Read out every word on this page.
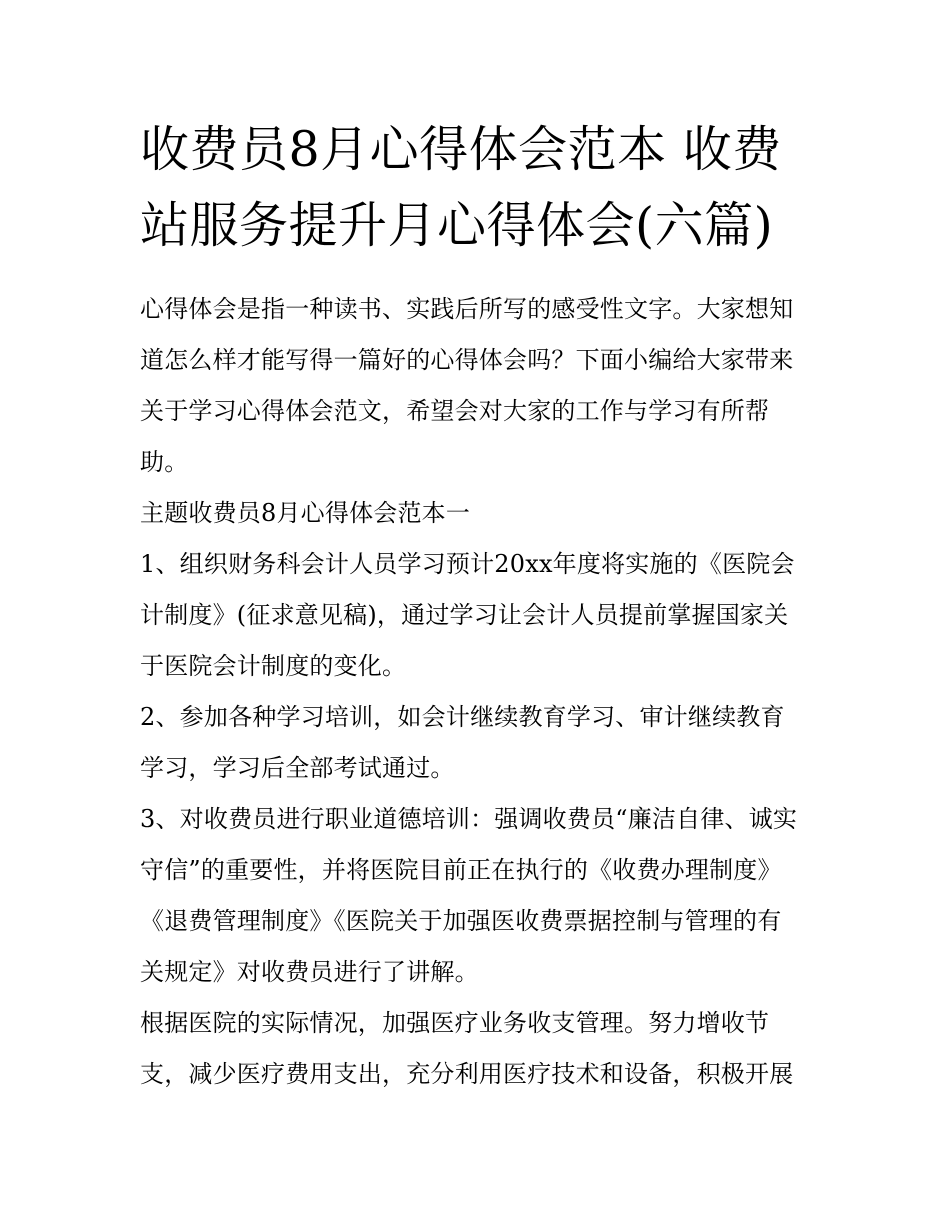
收费员8月心得体会范本 收费
站服务提升月心得体会(六篇)

心得体会是指一种读书、实践后所写的感受性文字。大家想知
道怎么样才能写得一篇好的心得体会吗？下面小编给大家带来
关于学习心得体会范文，希望会对大家的工作与学习有所帮
助。

主题收费员8月心得体会范本一

1、组织财务科会计人员学习预计20xx年度将实施的《医院会
计制度》(征求意见稿)，通过学习让会计人员提前掌握国家关
于医院会计制度的变化。

2、参加各种学习培训，如会计继续教育学习、审计继续教育
学习，学习后全部考试通过。

3、对收费员进行职业道德培训：强调收费员“廉洁自律、诚实
守信”的重要性，并将医院目前正在执行的《收费办理制度》
《退费管理制度》《医院关于加强医收费票据控制与管理的有
关规定》对收费员进行了讲解。

根据医院的实际情况，加强医疗业务收支管理。努力增收节
支，减少医疗费用支出，充分利用医疗技术和设备，积极开展
